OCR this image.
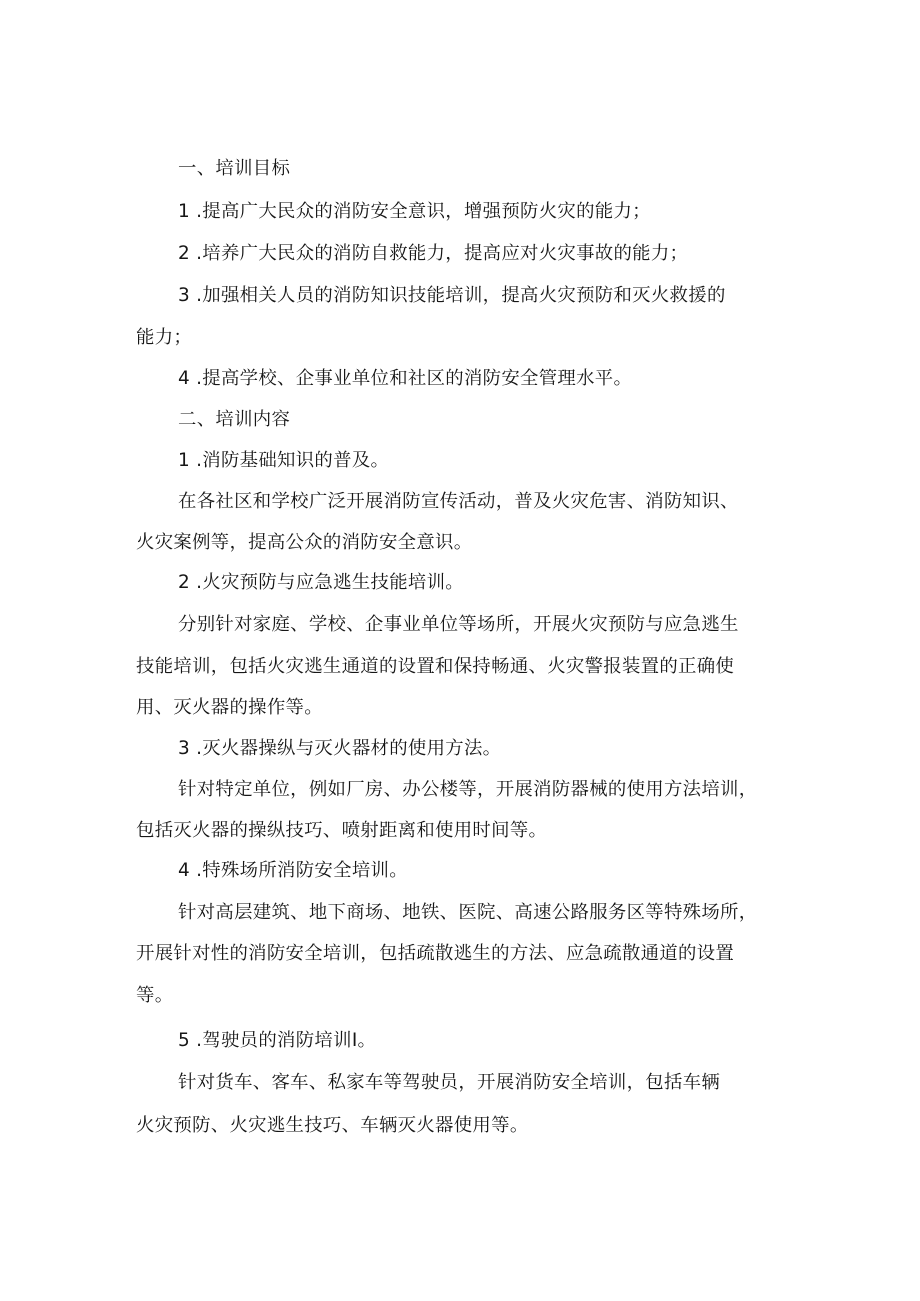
一、培训目标

1 .提高广大民众的消防安全意识，增强预防火灾的能力；

2 .培养广大民众的消防自救能力，提高应对火灾事故的能力；

3 .加强相关人员的消防知识技能培训，提高火灾预防和灭火救援的

能力；

4 .提高学校、企事业单位和社区的消防安全管理水平。

二、培训内容

1 .消防基础知识的普及。

在各社区和学校广泛开展消防宣传活动，普及火灾危害、消防知识、

火灾案例等，提高公众的消防安全意识。

2 .火灾预防与应急逃生技能培训。

分别针对家庭、学校、企事业单位等场所，开展火灾预防与应急逃生

技能培训，包括火灾逃生通道的设置和保持畅通、火灾警报装置的正确使

用、灭火器的操作等。

3 .灭火器操纵与灭火器材的使用方法。

针对特定单位，例如厂房、办公楼等，开展消防器械的使用方法培训，

包括灭火器的操纵技巧、喷射距离和使用时间等。

4 .特殊场所消防安全培训。

针对高层建筑、地下商场、地铁、医院、高速公路服务区等特殊场所，

开展针对性的消防安全培训，包括疏散逃生的方法、应急疏散通道的设置

等。

5 .驾驶员的消防培训I。

针对货车、客车、私家车等驾驶员，开展消防安全培训，包括车辆

火灾预防、火灾逃生技巧、车辆灭火器使用等。
